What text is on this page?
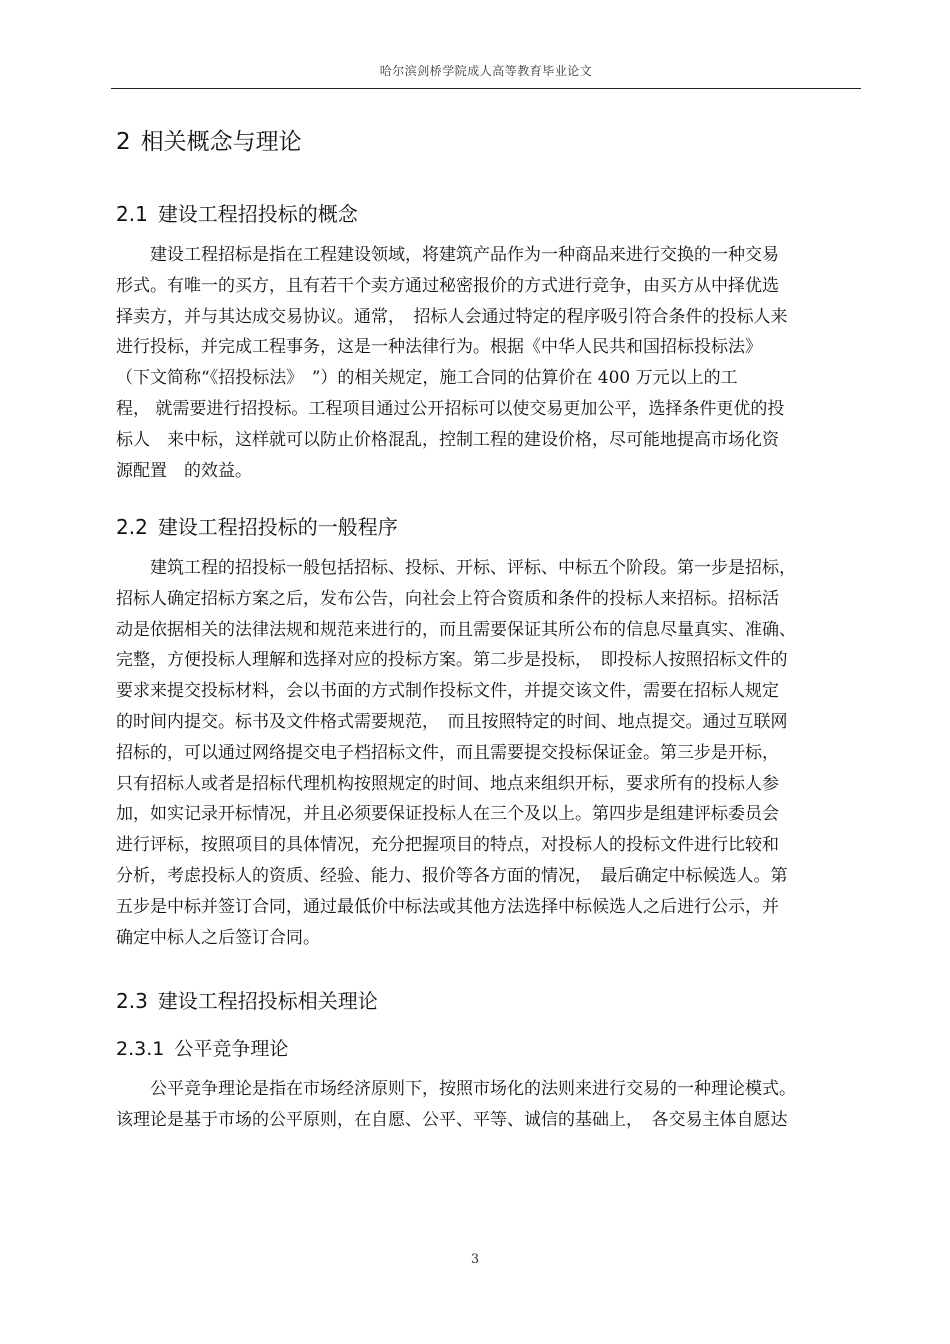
哈尔滨剑桥学院成人高等教育毕业论文
2 相关概念与理论
2.1 建设工程招投标的概念
　　建设工程招标是指在工程建设领域，将建筑产品作为一种商品来进行交换的一种交易
形式。有唯一的买方，且有若干个卖方通过秘密报价的方式进行竞争，由买方从中择优选
择卖方，并与其达成交易协议。通常，　招标人会通过特定的程序吸引符合条件的投标人来
进行投标，并完成工程事务，这是一种法律行为。根据《中华人民共和国招标投标法》
（下文简称“《招投标法》　”）的相关规定，施工合同的估算价在 400 万元以上的工
程， 就需要进行招投标。工程项目通过公开招标可以使交易更加公平，选择条件更优的投
标人　来中标，这样就可以防止价格混乱，控制工程的建设价格，尽可能地提高市场化资
源配置　的效益。
2.2 建设工程招投标的一般程序
　　建筑工程的招投标一般包括招标、投标、开标、评标、中标五个阶段。第一步是招标，
招标人确定招标方案之后，发布公告，向社会上符合资质和条件的投标人来招标。招标活
动是依据相关的法律法规和规范来进行的，而且需要保证其所公布的信息尽量真实、准确、
完整，方便投标人理解和选择对应的投标方案。第二步是投标，　即投标人按照招标文件的
要求来提交投标材料，会以书面的方式制作投标文件，并提交该文件，需要在招标人规定
的时间内提交。标书及文件格式需要规范，　而且按照特定的时间、地点提交。通过互联网
招标的，可以通过网络提交电子档招标文件，而且需要提交投标保证金。第三步是开标，
只有招标人或者是招标代理机构按照规定的时间、地点来组织开标，要求所有的投标人参
加，如实记录开标情况，并且必须要保证投标人在三个及以上。第四步是组建评标委员会
进行评标，按照项目的具体情况，充分把握项目的特点，对投标人的投标文件进行比较和
分析，考虑投标人的资质、经验、能力、报价等各方面的情况，　最后确定中标候选人。第
五步是中标并签订合同，通过最低价中标法或其他方法选择中标候选人之后进行公示，并
确定中标人之后签订合同。
2.3 建设工程招投标相关理论
2.3.1 公平竞争理论
　　公平竞争理论是指在市场经济原则下，按照市场化的法则来进行交易的一种理论模式。
该理论是基于市场的公平原则，在自愿、公平、平等、诚信的基础上，　各交易主体自愿达
3
